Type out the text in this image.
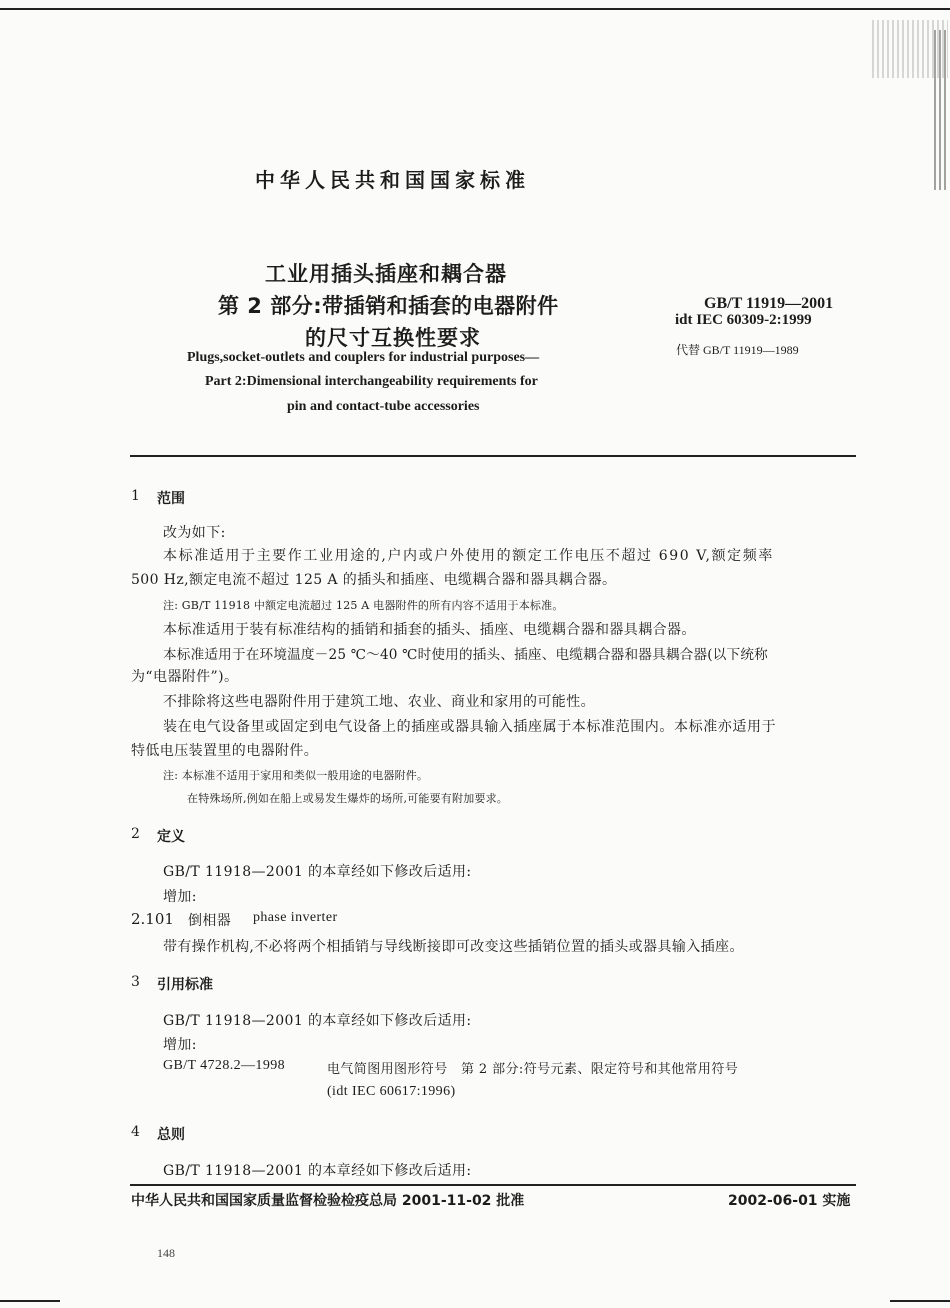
中华人民共和国国家标准
工业用插头插座和耦合器
第 2 部分:带插销和插套的电器附件
的尺寸互换性要求
GB/T 11919—2001
idt IEC 60309-2:1999
代替 GB/T 11919—1989
Plugs,socket-outlets and couplers for industrial purposes—
Part 2:Dimensional interchangeability requirements for
pin and contact-tube accessories
1 范围
改为如下:
本标准适用于主要作工业用途的,户内或户外使用的额定工作电压不超过 690 V,额定频率
500 Hz,额定电流不超过 125 A 的插头和插座、电缆耦合器和器具耦合器。
注: GB/T 11918 中额定电流超过 125 A 电器附件的所有内容不适用于本标准。
本标准适用于装有标准结构的插销和插套的插头、插座、电缆耦合器和器具耦合器。
本标准适用于在环境温度－25 ℃～40 ℃时使用的插头、插座、电缆耦合器和器具耦合器(以下统称
为“电器附件”)。
不排除将这些电器附件用于建筑工地、农业、商业和家用的可能性。
装在电气设备里或固定到电气设备上的插座或器具输入插座属于本标准范围内。本标准亦适用于
特低电压装置里的电器附件。
注: 本标准不适用于家用和类似一般用途的电器附件。
在特殊场所,例如在船上或易发生爆炸的场所,可能要有附加要求。
2 定义
GB/T 11918—2001 的本章经如下修改后适用:
增加:
2.101 倒相器 phase inverter
带有操作机构,不必将两个相插销与导线断接即可改变这些插销位置的插头或器具输入插座。
3 引用标准
GB/T 11918—2001 的本章经如下修改后适用:
增加:
GB/T 4728.2—1998	电气简图用图形符号　第 2 部分:符号元素、限定符号和其他常用符号
(idt IEC 60617:1996)
4 总则
GB/T 11918—2001 的本章经如下修改后适用:
中华人民共和国国家质量监督检验检疫总局 2001-11-02 批准	2002-06-01 实施
148
